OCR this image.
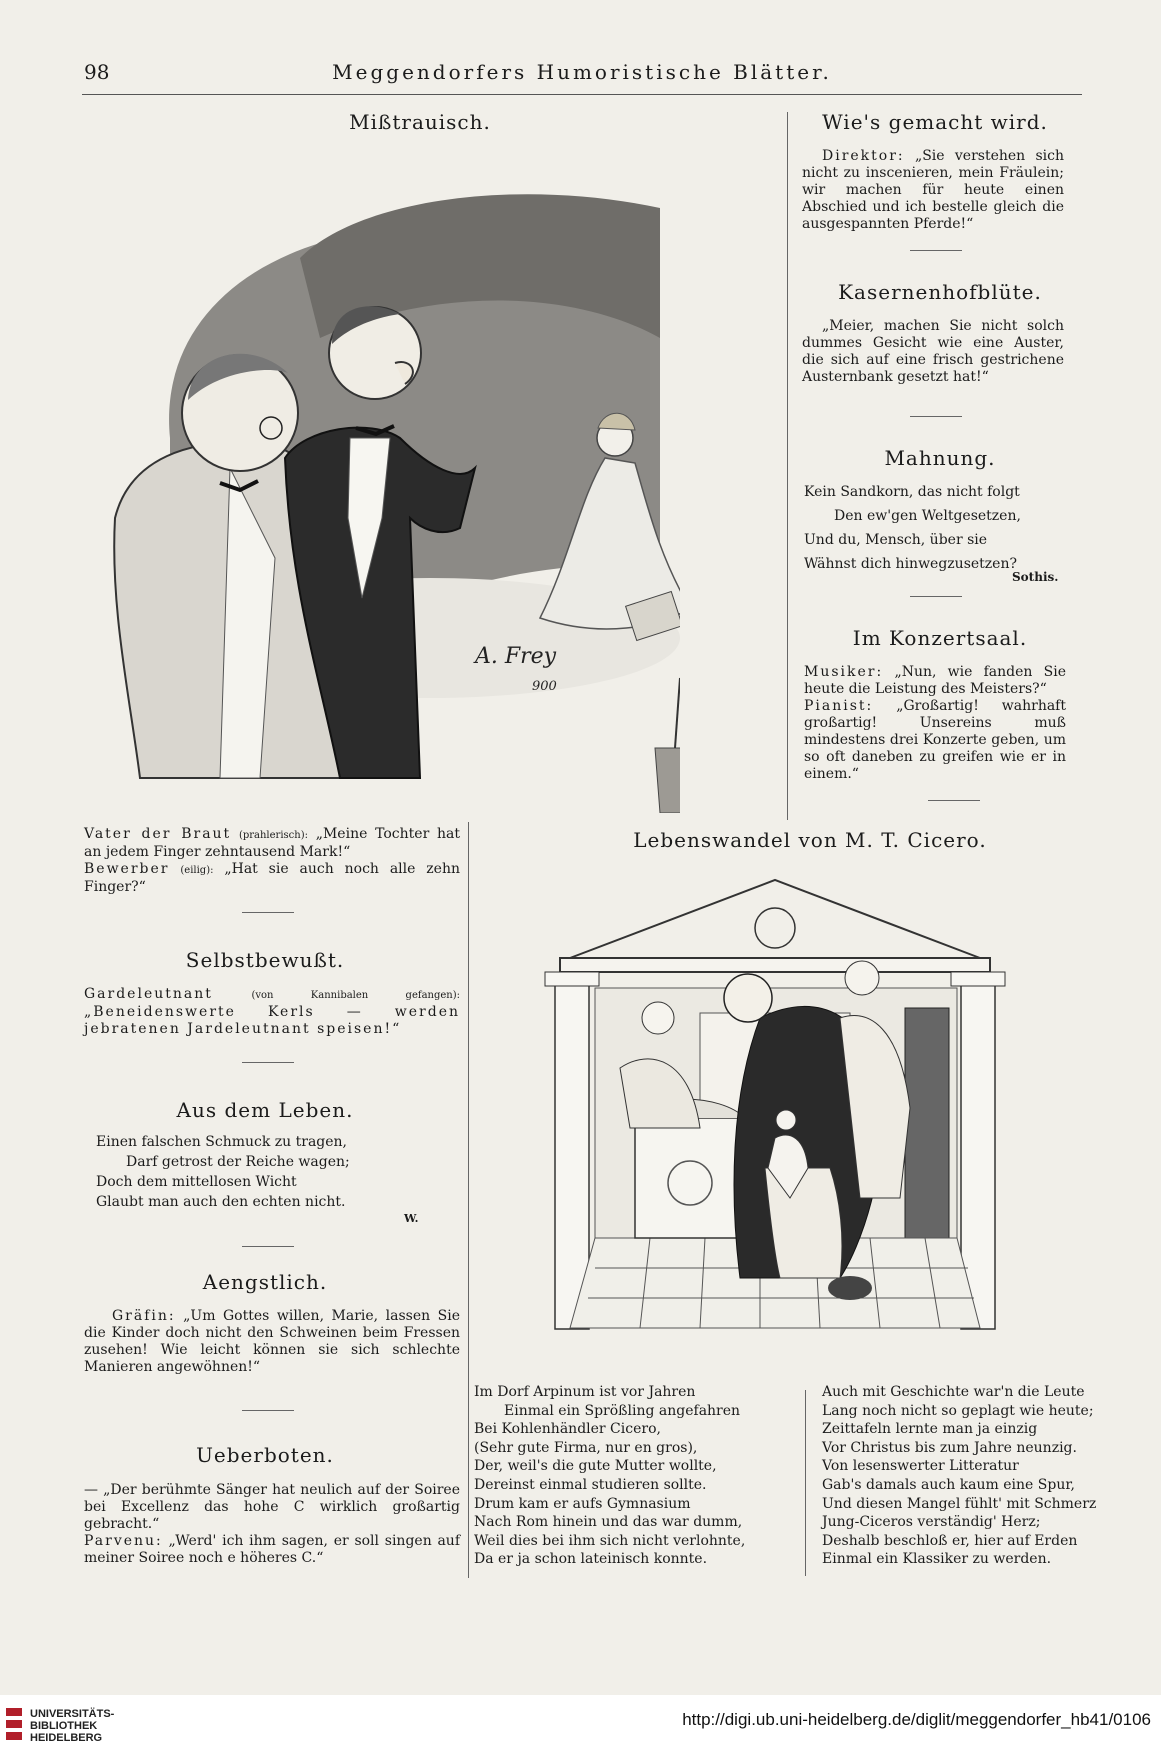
98	Meggendorfers Humoristische Blätter.
Mißtrauisch.
A. Frey
900
Vater der Braut (prahlerisch): „Meine Tochter hat an jedem Finger zehntausend Mark!“
Bewerber (eilig): „Hat sie auch noch alle zehn Finger?“
Selbstbewußt.
Gardeleutnant	(von Kannibalen gefangen): „Beneidenswerte Kerls — werden jebratenen Jardeleutnant speisen!“
Aus dem Leben.
Einen falschen Schmuck zu tragen,
Darf getrost der Reiche wagen;
Doch dem mittellosen Wicht
Glaubt man auch den echten nicht.
W.
Aengstlich.
Gräfin: „Um Gottes willen, Marie, lassen Sie die Kinder doch nicht den Schweinen beim Fressen zusehen! Wie leicht können sie sich schlechte Manieren angewöhnen!“
Ueberboten.
— „Der berühmte Sänger hat neulich auf der Soiree bei Excellenz das hohe C wirklich großartig gebracht.“
Parvenu: „Werd' ich ihm sagen, er soll singen auf meiner Soiree noch e höheres C.“
Wie's gemacht wird.
Direktor: „Sie verstehen sich nicht zu inscenieren, mein Fräulein; wir machen für heute einen Abschied und ich bestelle gleich die ausgespannten Pferde!“
Kasernenhofblüte.
„Meier, machen Sie nicht solch dummes Gesicht wie eine Auster, die sich auf eine frisch gestrichene Austernbank gesetzt hat!“
Mahnung.
Kein Sandkorn, das nicht folgt
Den ew'gen Weltgesetzen,
Und du, Mensch, über sie
Wähnst dich hinwegzusetzen?
Sothis.
Im Konzertsaal.
Musiker: „Nun, wie fanden Sie heute die Leistung des Meisters?“
Pianist: „Großartig! wahrhaft großartig! Unsereins muß mindestens drei Konzerte geben, um so oft daneben zu greifen wie er in einem.“
Lebenswandel von M. T. Cicero.
Im Dorf Arpinum ist vor Jahren
Einmal ein Sprößling angefahren
Bei Kohlenhändler Cicero,
(Sehr gute Firma, nur en gros),
Der, weil's die gute Mutter wollte,
Dereinst einmal studieren sollte.
Drum kam er aufs Gymnasium
Nach Rom hinein und das war dumm,
Weil dies bei ihm sich nicht verlohnte,
Da er ja schon lateinisch konnte.
Auch mit Geschichte war'n die Leute
Lang noch nicht so geplagt wie heute;
Zeittafeln lernte man ja einzig
Vor Christus bis zum Jahre neunzig.
Von lesenswerter Litteratur
Gab's damals auch kaum eine Spur,
Und diesen Mangel fühlt' mit Schmerz
Jung-Ciceros verständig' Herz;
Deshalb beschloß er, hier auf Erden
Einmal ein Klassiker zu werden.
UNIVERSITÄTS-
BIBLIOTHEK
HEIDELBERG
http://digi.ub.uni-heidelberg.de/diglit/meggendorfer_hb41/0106
